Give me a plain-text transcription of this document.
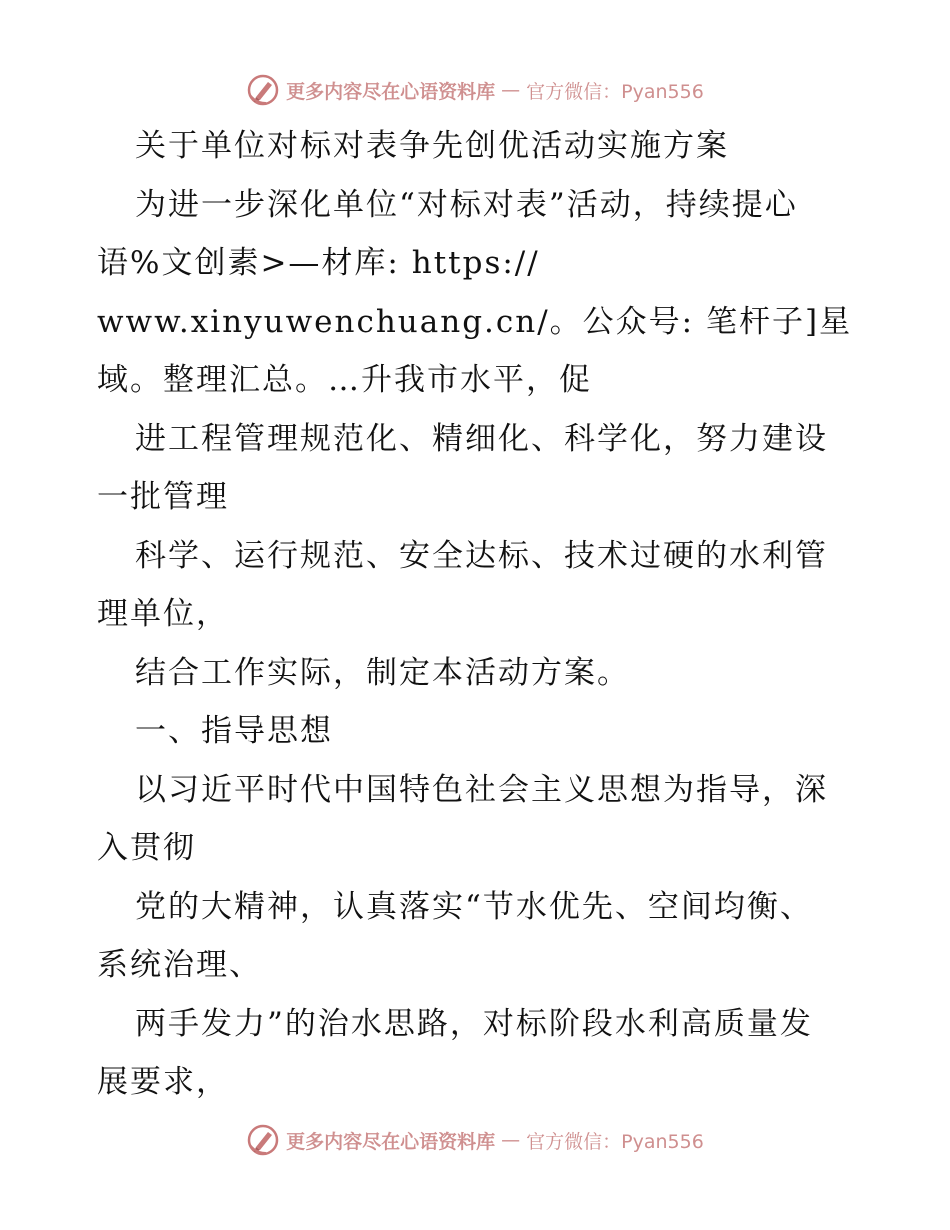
更多内容尽在心语资料库 — 官方微信：Pyan556
关于单位对标对表争先创优活动实施方案
为进一步深化单位“对标对表”活动，持续提心
语%文创素>—材库: https://
www.xinyuwenchuang.cn/。公众号: 笔杆子]星
域。整理汇总。…升我市水平，促
进工程管理规范化、精细化、科学化，努力建设
一批管理
科学、运行规范、安全达标、技术过硬的水利管
理单位，
结合工作实际，制定本活动方案。
一、指导思想
以习近平时代中国特色社会主义思想为指导，深
入贯彻
党的大精神，认真落实“节水优先、空间均衡、
系统治理、
两手发力”的治水思路，对标阶段水利高质量发
展要求，
更多内容尽在心语资料库 — 官方微信：Pyan556
